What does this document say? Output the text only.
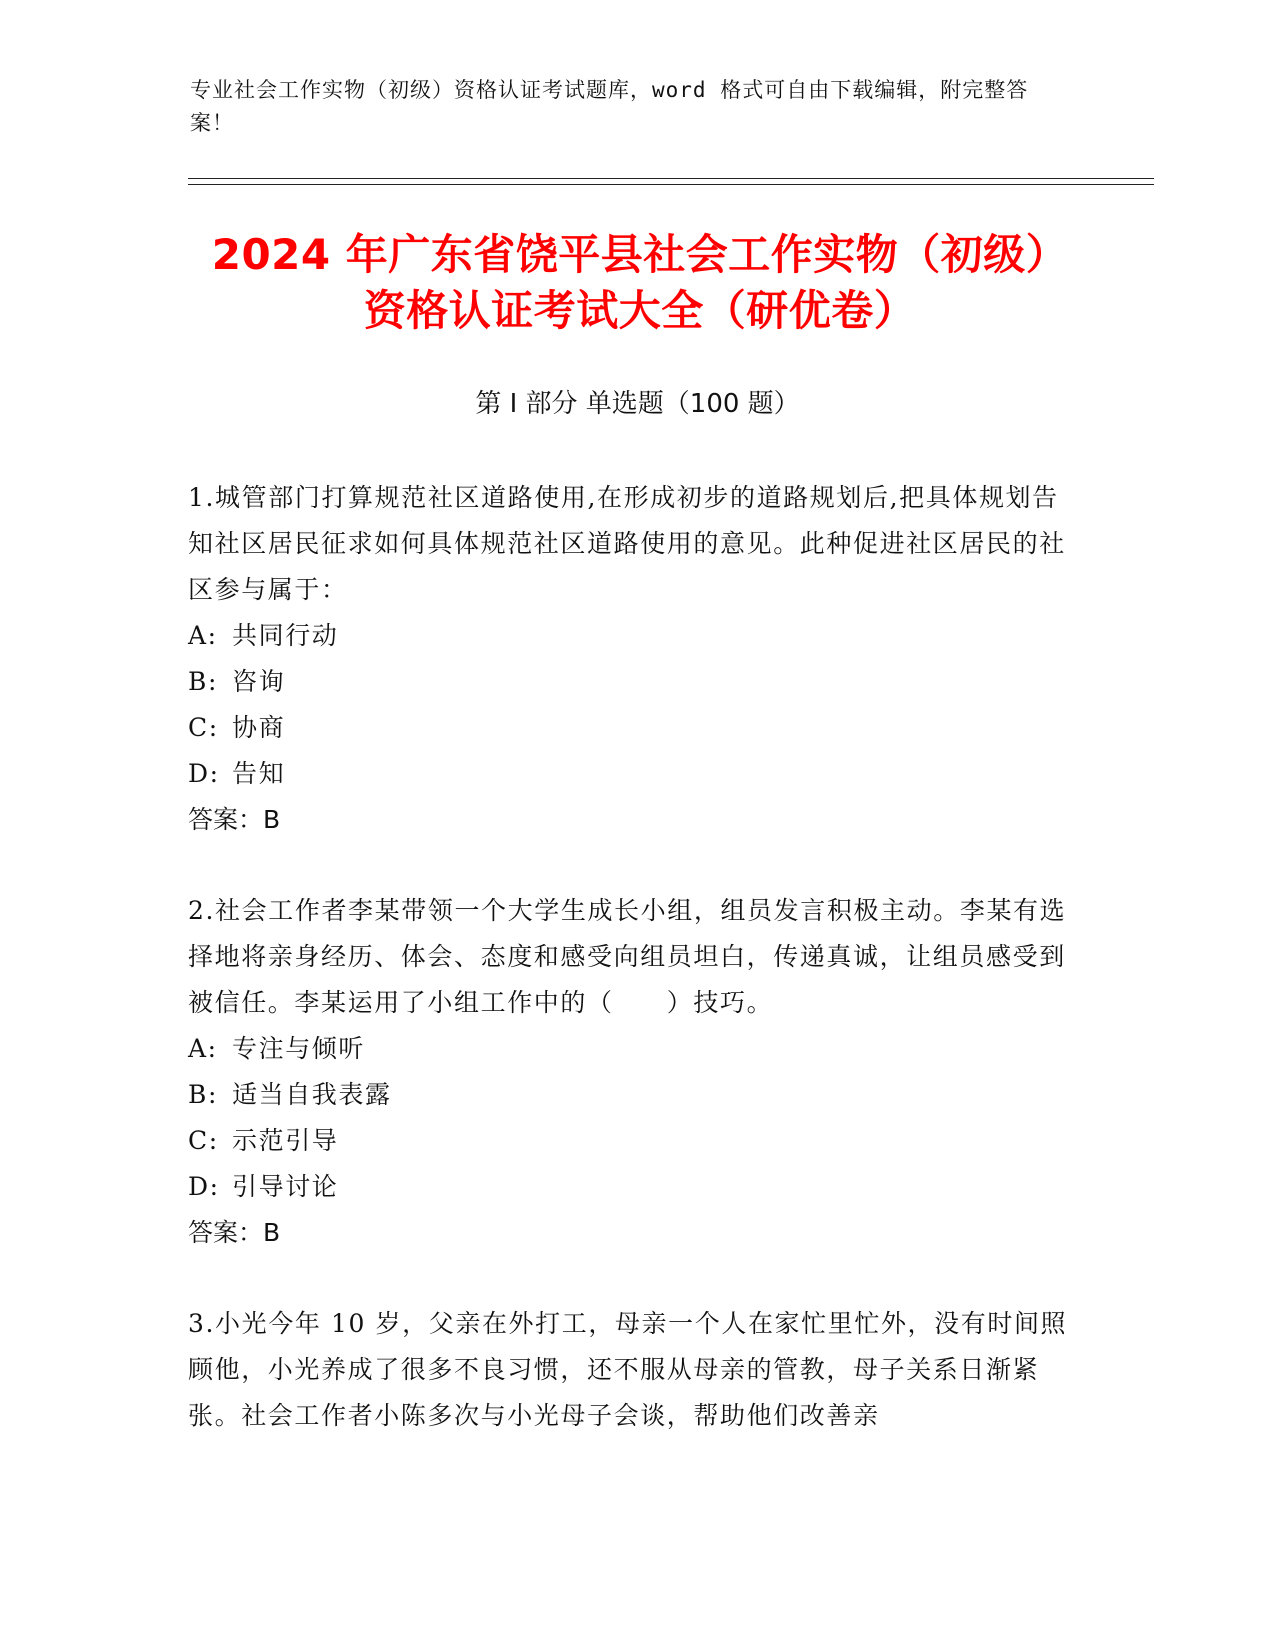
专业社会工作实物（初级）资格认证考试题库，word 格式可自由下载编辑，附完整答案！
2024 年广东省饶平县社会工作实物（初级）
资格认证考试大全（研优卷）
第 I 部分 单选题（100 题）

1.城管部门打算规范社区道路使用,在形成初步的道路规划后,把具体规划告知社区居民征求如何具体规范社区道路使用的意见。此种促进社区居民的社区参与属于：

A: 共同行动
B: 咨询
C: 协商
D: 告知
答案：B

2.社会工作者李某带领一个大学生成长小组，组员发言积极主动。李某有选择地将亲身经历、体会、态度和感受向组员坦白，传递真诚，让组员感受到被信任。李某运用了小组工作中的（　　）技巧。

A: 专注与倾听
B: 适当自我表露
C: 示范引导
D: 引导讨论
答案：B

3.小光今年 10 岁，父亲在外打工，母亲一个人在家忙里忙外，没有时间照顾他，小光养成了很多不良习惯，还不服从母亲的管教，母子关系日渐紧张。社会工作者小陈多次与小光母子会谈，帮助他们改善亲
